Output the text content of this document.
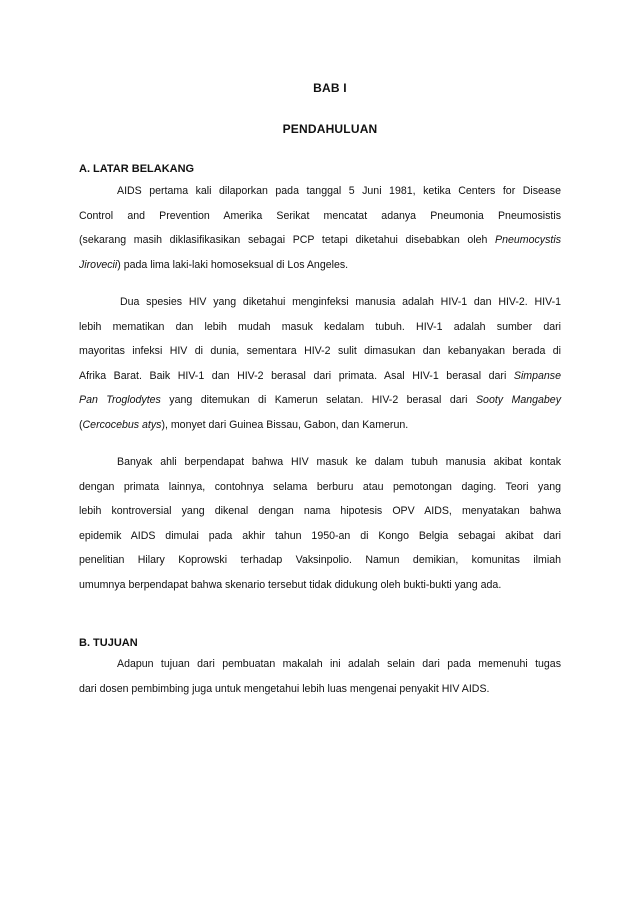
BAB I
PENDAHULUAN
A. LATAR BELAKANG
AIDS pertama kali dilaporkan pada tanggal 5 Juni 1981, ketika Centers for Disease
Control and Prevention Amerika Serikat mencatat adanya Pneumonia Pneumosistis
(sekarang masih diklasifikasikan sebagai PCP tetapi diketahui disebabkan oleh Pneumocystis
Jirovecii) pada lima laki-laki homoseksual di Los Angeles.
Dua spesies HIV yang diketahui menginfeksi manusia adalah HIV-1 dan HIV-2. HIV-1
lebih mematikan dan lebih mudah masuk kedalam tubuh. HIV-1 adalah sumber dari
mayoritas infeksi HIV di dunia, sementara HIV-2 sulit dimasukan dan kebanyakan berada di
Afrika Barat. Baik HIV-1 dan HIV-2 berasal dari primata. Asal HIV-1 berasal dari Simpanse
Pan Troglodytes yang ditemukan di Kamerun selatan. HIV-2 berasal dari Sooty Mangabey
(Cercocebus atys), monyet dari Guinea Bissau, Gabon, dan Kamerun.
Banyak ahli berpendapat bahwa HIV masuk ke dalam tubuh manusia akibat kontak
dengan primata lainnya, contohnya selama berburu atau pemotongan daging. Teori yang
lebih kontroversial yang dikenal dengan nama hipotesis OPV AIDS, menyatakan bahwa
epidemik AIDS dimulai pada akhir tahun 1950-an di Kongo Belgia sebagai akibat dari
penelitian Hilary Koprowski terhadap Vaksinpolio. Namun demikian, komunitas ilmiah
umumnya berpendapat bahwa skenario tersebut tidak didukung oleh bukti-bukti yang ada.
B. TUJUAN
Adapun tujuan dari pembuatan makalah ini adalah selain dari pada memenuhi tugas
dari dosen pembimbing juga untuk mengetahui lebih luas mengenai penyakit HIV AIDS.
